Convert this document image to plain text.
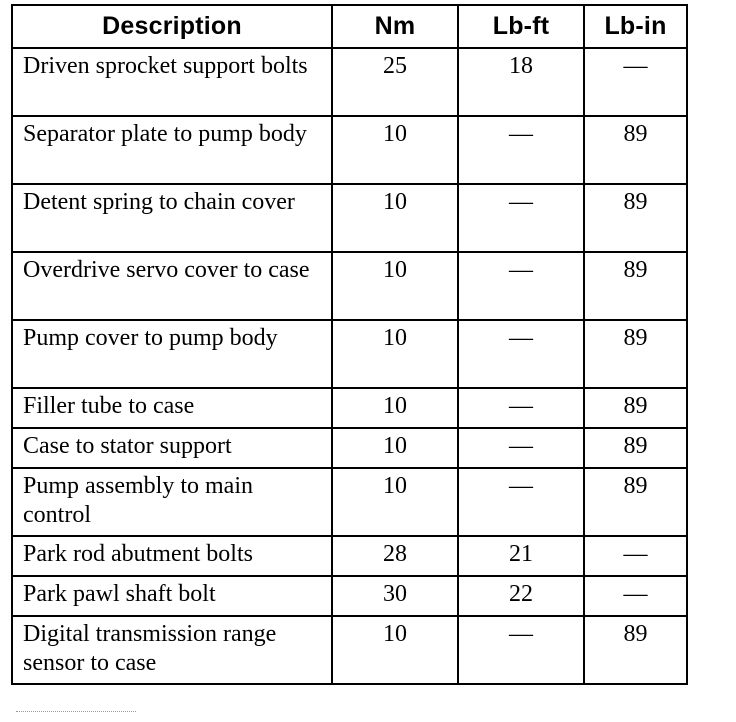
Description	Nm	Lb-ft	Lb-in
Driven sprocket support bolts	25	18	—
Separator plate to pump body	10	—	89
Detent spring to chain cover	10	—	89
Overdrive servo cover to case	10	—	89
Pump cover to pump body	10	—	89
Filler tube to case	10	—	89
Case to stator support	10	—	89
Pump assembly to main control	10	—	89
Park rod abutment bolts	28	21	—
Park pawl shaft bolt	30	22	—
Digital transmission range sensor to case	10	—	89
